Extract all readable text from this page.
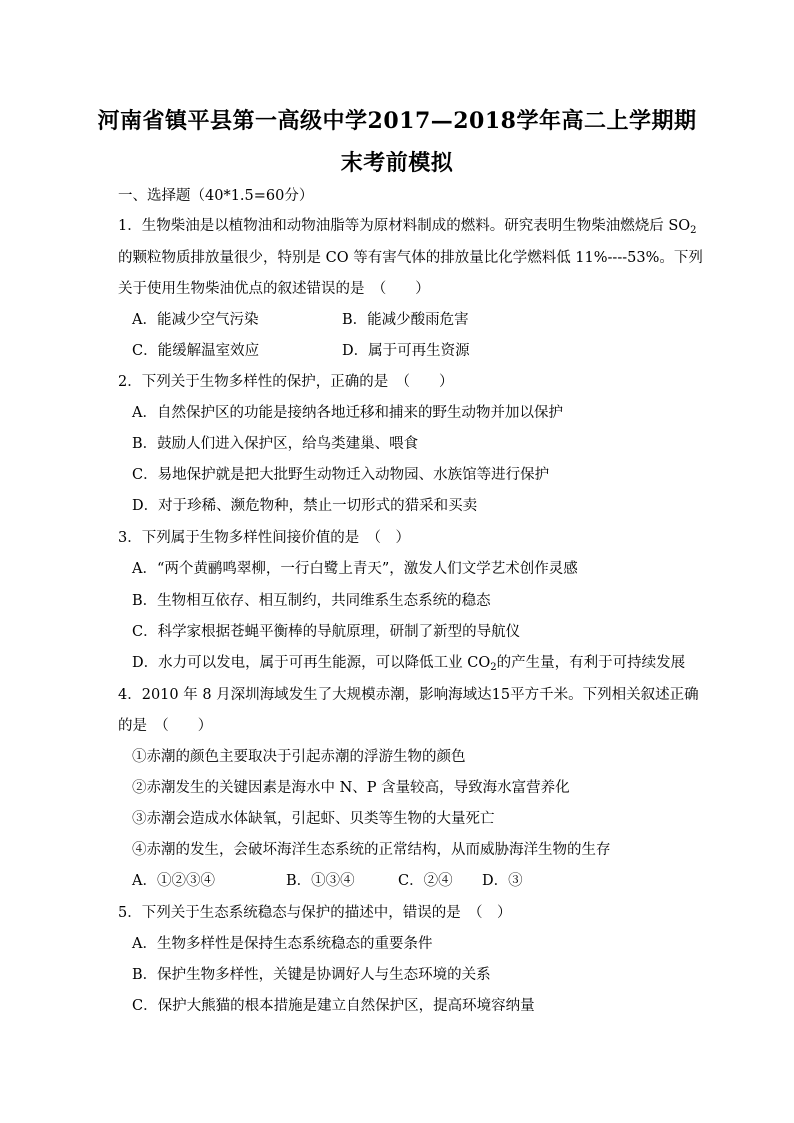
河南省镇平县第一高级中学2017—2018学年高二上学期期
末考前模拟
一、选择题（40*1.5=60分）
1．生物柴油是以植物油和动物油脂等为原材料制成的燃料。研究表明生物柴油燃烧后 $SO_2$
的颗粒物质排放量很少，特别是 CO 等有害气体的排放量比化学燃料低 11%----53%。下列
关于使用生物柴油优点的叙述错误的是　（　　）
A．能减少空气污染	B．能减少酸雨危害
C．能缓解温室效应	D．属于可再生资源
2．下列关于生物多样性的保护，正确的是　（　　）
A．自然保护区的功能是接纳各地迁移和捕来的野生动物并加以保护
B．鼓励人们进入保护区，给鸟类建巢、喂食
C．易地保护就是把大批野生动物迁入动物园、水族馆等进行保护
D．对于珍稀、濒危物种，禁止一切形式的猎采和买卖
3．下列属于生物多样性间接价值的是　（　）
A．“两个黄鹂鸣翠柳，一行白鹭上青天”，激发人们文学艺术创作灵感
B．生物相互依存、相互制约，共同维系生态系统的稳态
C．科学家根据苍蝇平衡棒的导航原理，研制了新型的导航仪
D．水力可以发电，属于可再生能源，可以降低工业 $CO_2$的产生量，有利于可持续发展
4．2010 年 8 月深圳海域发生了大规模赤潮，影响海域达15平方千米。下列相关叙述正确
的是　（　　）
①赤潮的颜色主要取决于引起赤潮的浮游生物的颜色
②赤潮发生的关键因素是海水中 N、P 含量较高，导致海水富营养化
③赤潮会造成水体缺氧，引起虾、贝类等生物的大量死亡
④赤潮的发生，会破坏海洋生态系统的正常结构，从而威胁海洋生物的生存
A．①②③④	B．①③④	C．②④ D．③
5．下列关于生态系统稳态与保护的描述中，错误的是　（　）
A．生物多样性是保持生态系统稳态的重要条件
B．保护生物多样性，关键是协调好人与生态环境的关系
C．保护大熊猫的根本措施是建立自然保护区，提高环境容纳量
